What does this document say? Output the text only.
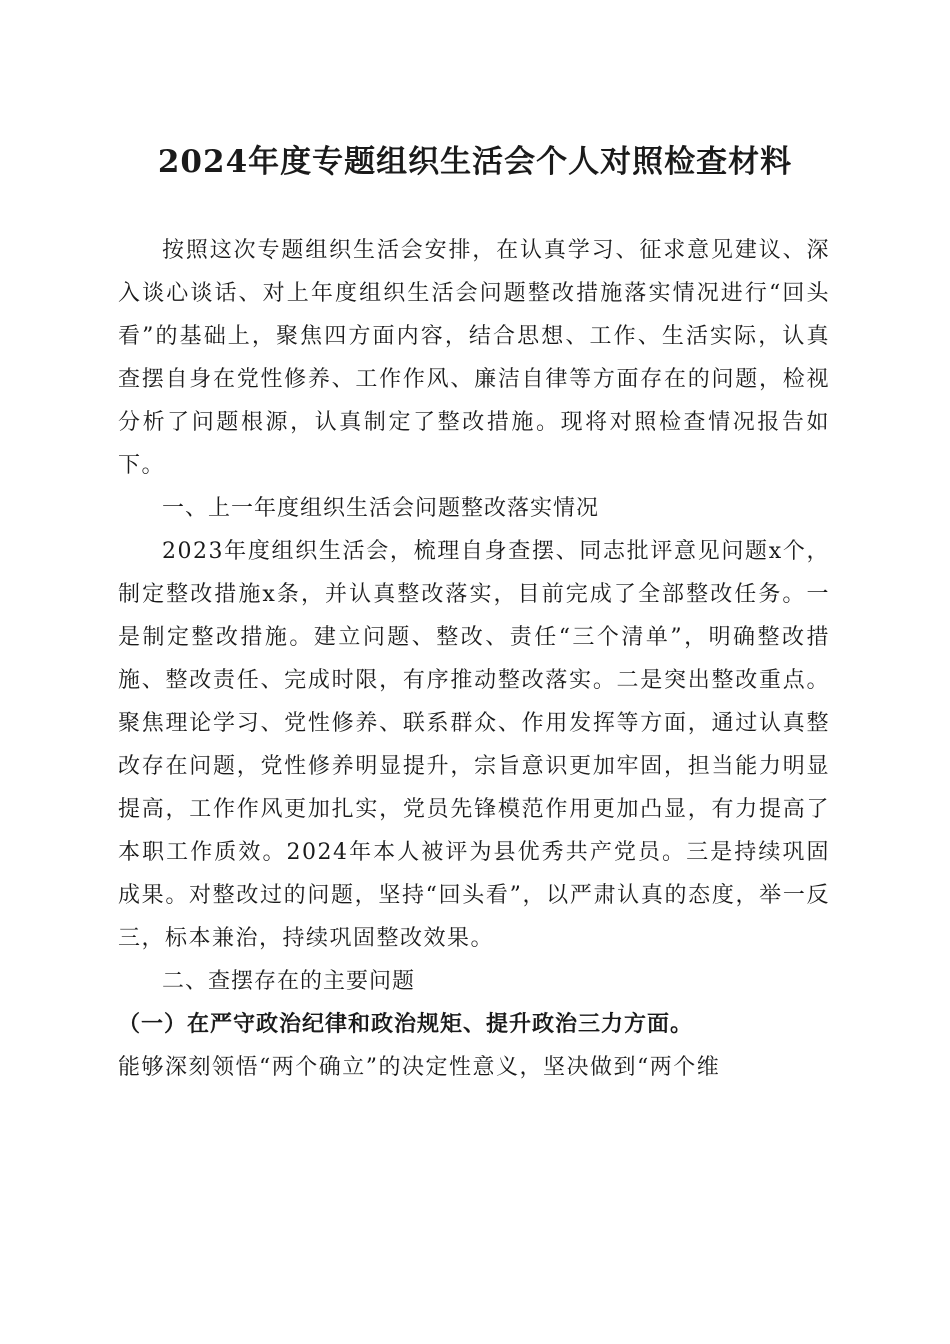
2024年度专题组织生活会个人对照检查材料

按照这次专题组织生活会安排，在认真学习、征求意见建议、深入谈心谈话、对上年度组织生活会问题整改措施落实情况进行“回头看”的基础上，聚焦四方面内容，结合思想、工作、生活实际，认真查摆自身在党性修养、工作作风、廉洁自律等方面存在的问题，检视分析了问题根源，认真制定了整改措施。现将对照检查情况报告如下。

一、上一年度组织生活会问题整改落实情况

2023年度组织生活会，梳理自身查摆、同志批评意见问题x个，制定整改措施x条，并认真整改落实，目前完成了全部整改任务。一是制定整改措施。建立问题、整改、责任“三个清单”，明确整改措施、整改责任、完成时限，有序推动整改落实。二是突出整改重点。聚焦理论学习、党性修养、联系群众、作用发挥等方面，通过认真整改存在问题，党性修养明显提升，宗旨意识更加牢固，担当能力明显提高，工作作风更加扎实，党员先锋模范作用更加凸显，有力提高了本职工作质效。2024年本人被评为县优秀共产党员。三是持续巩固成果。对整改过的问题，坚持“回头看”，以严肃认真的态度，举一反三，标本兼治，持续巩固整改效果。

二、查摆存在的主要问题

（一）在严守政治纪律和政治规矩、提升政治三力方面。

能够深刻领悟“两个确立”的决定性意义，坚决做到“两个维
